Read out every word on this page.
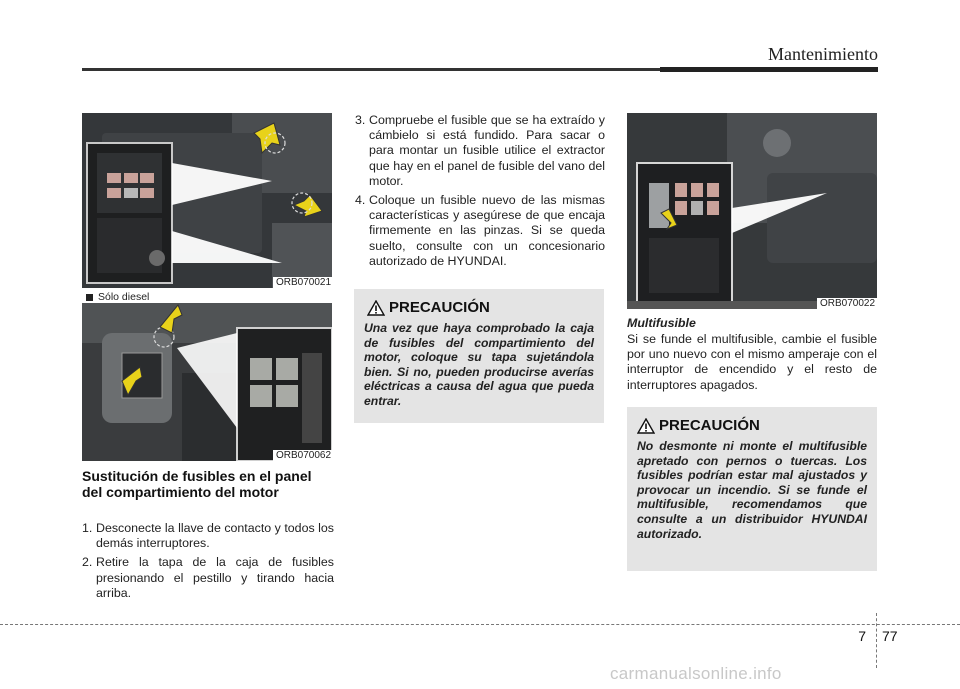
Mantenimiento
ORB070021
Sólo diesel
ORB070062
Sustitución de fusibles en el panel del compartimiento del motor
1. Desconecte la llave de contacto y todos los demás interruptores.
2. Retire la tapa de la caja de fusibles presionando el pestillo y tirando hacia arriba.
3. Compruebe el fusible que se ha extraído y cámbielo si está fundido. Para sacar o para montar un fusible utilice el extractor que hay en el panel de fusible del vano del motor.
4. Coloque un fusible nuevo de las mismas características y asegúrese de que encaja firmemente en las pinzas. Si se queda suelto, consulte con un concesionario autorizado de HYUNDAI.
PRECAUCIÓN
Una vez que haya comprobado la caja de fusibles del compartimiento del motor, coloque su tapa sujetándola bien. Si no, pueden producirse averías eléctricas a causa del agua que pueda entrar.
ORB070022
Multifusible
Si se funde el multifusible, cambie el fusible por uno nuevo con el mismo amperaje con el interruptor de encendido y el resto de interruptores apagados.
PRECAUCIÓN
No desmonte ni monte el multifusible apretado con pernos o tuercas. Los fusibles podrían estar mal ajustados y provocar un incendio. Si se funde el multifusible, recomendamos que consulte a un distribuidor HYUNDAI autorizado.
7 77
carmanualsonline.info
